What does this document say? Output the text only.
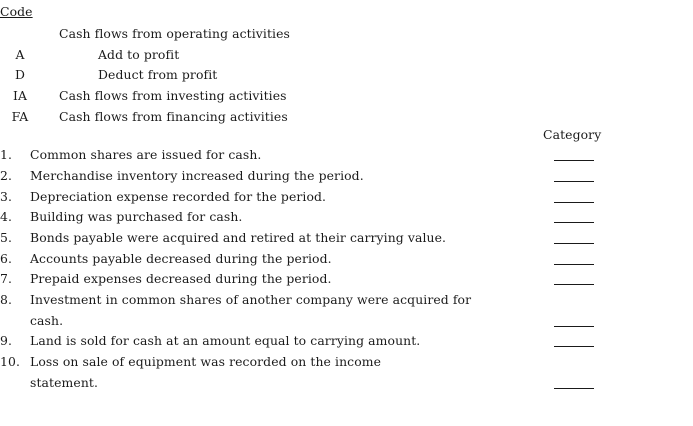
Code
Cash flows from operating activities
A	Add to profit
D	Deduct from profit
IA	Cash flows from investing activities
FA	Cash flows from financing activities
Category
1. Common shares are issued for cash.
2. Merchandise inventory increased during the period.
3. Depreciation expense recorded for the period.
4. Building was purchased for cash.
5. Bonds payable were acquired and retired at their carrying value.
6. Accounts payable decreased during the period.
7. Prepaid expenses decreased during the period.
8. Investment in common shares of another company were acquired for
cash.
9. Land is sold for cash at an amount equal to carrying amount.
10. Loss on sale of equipment was recorded on the income
statement.
